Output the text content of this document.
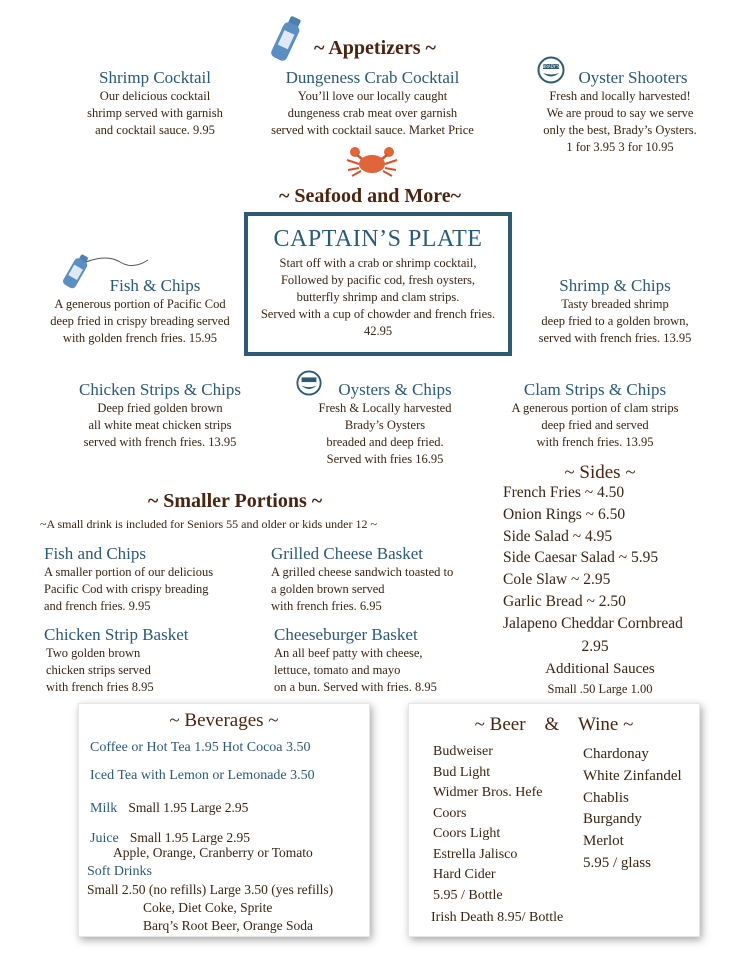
~ Appetizers ~
Shrimp Cocktail
Our delicious cocktail
shrimp served with garnish
and cocktail sauce. 9.95
Dungeness Crab Cocktail
You’ll love our locally caught
dungeness crab meat over garnish
served with cocktail sauce. Market Price
BRADY'S
Oyster Shooters
Fresh and locally harvested!
We are proud to say we serve
only the best, Brady’s Oysters.
1 for 3.95 3 for 10.95
~ Seafood and More~
CAPTAIN’S PLATE
Start off with a crab or shrimp cocktail,
Followed by pacific cod, fresh oysters,
butterfly shrimp and clam strips.
Served with a cup of chowder and french fries.
42.95
Fish & Chips
A generous portion of Pacific Cod
deep fried in crispy breading served
with golden french fries. 15.95
Shrimp & Chips
Tasty breaded shrimp
deep fried to a golden brown,
served with french fries. 13.95
Chicken Strips & Chips
Deep fried golden brown
all white meat chicken strips
served with french fries. 13.95
Oysters & Chips
Fresh & Locally harvested
Brady’s Oysters
breaded and deep fried.
Served with fries 16.95
Clam Strips & Chips
A generous portion of clam strips
deep fried and served
with french fries. 13.95
~ Smaller Portions ~
~A small drink is included for Seniors 55 and older or kids under 12 ~
Fish and Chips
A smaller portion of our delicious
Pacific Cod with crispy breading
and french fries. 9.95
Grilled Cheese Basket
A grilled cheese sandwich toasted to
a golden brown served
with french fries. 6.95
Chicken Strip Basket
Two golden brown
chicken strips served
with french fries 8.95
Cheeseburger Basket
An all beef patty with cheese,
lettuce, tomato and mayo
on a bun. Served with fries. 8.95
~ Sides ~
French Fries ~ 4.50
Onion Rings ~ 6.50
Side Salad ~ 4.95
Side Caesar Salad ~ 5.95
Cole Slaw ~ 2.95
Garlic Bread ~ 2.50
Jalapeno Cheddar Cornbread
2.95
Additional Sauces
Small .50 Large 1.00
~ Beverages ~
Coffee or Hot Tea 1.95 Hot Cocoa 3.50
Iced Tea with Lemon or Lemonade 3.50
Milk Small 1.95 Large 2.95
Juice Small 1.95 Large 2.95
Apple, Orange, Cranberry or Tomato
Soft Drinks
Small 2.50 (no refills) Large 3.50 (yes refills)
Coke, Diet Coke, Sprite
Barq’s Root Beer, Orange Soda
~ Beer    &    Wine ~
Budweiser
Bud Light
Widmer Bros. Hefe
Coors
Coors Light
Estrella Jalisco
Hard Cider
5.95 / Bottle
Irish Death 8.95/ Bottle
Chardonay
White Zinfandel
Chablis
Burgandy
Merlot
5.95 / glass
